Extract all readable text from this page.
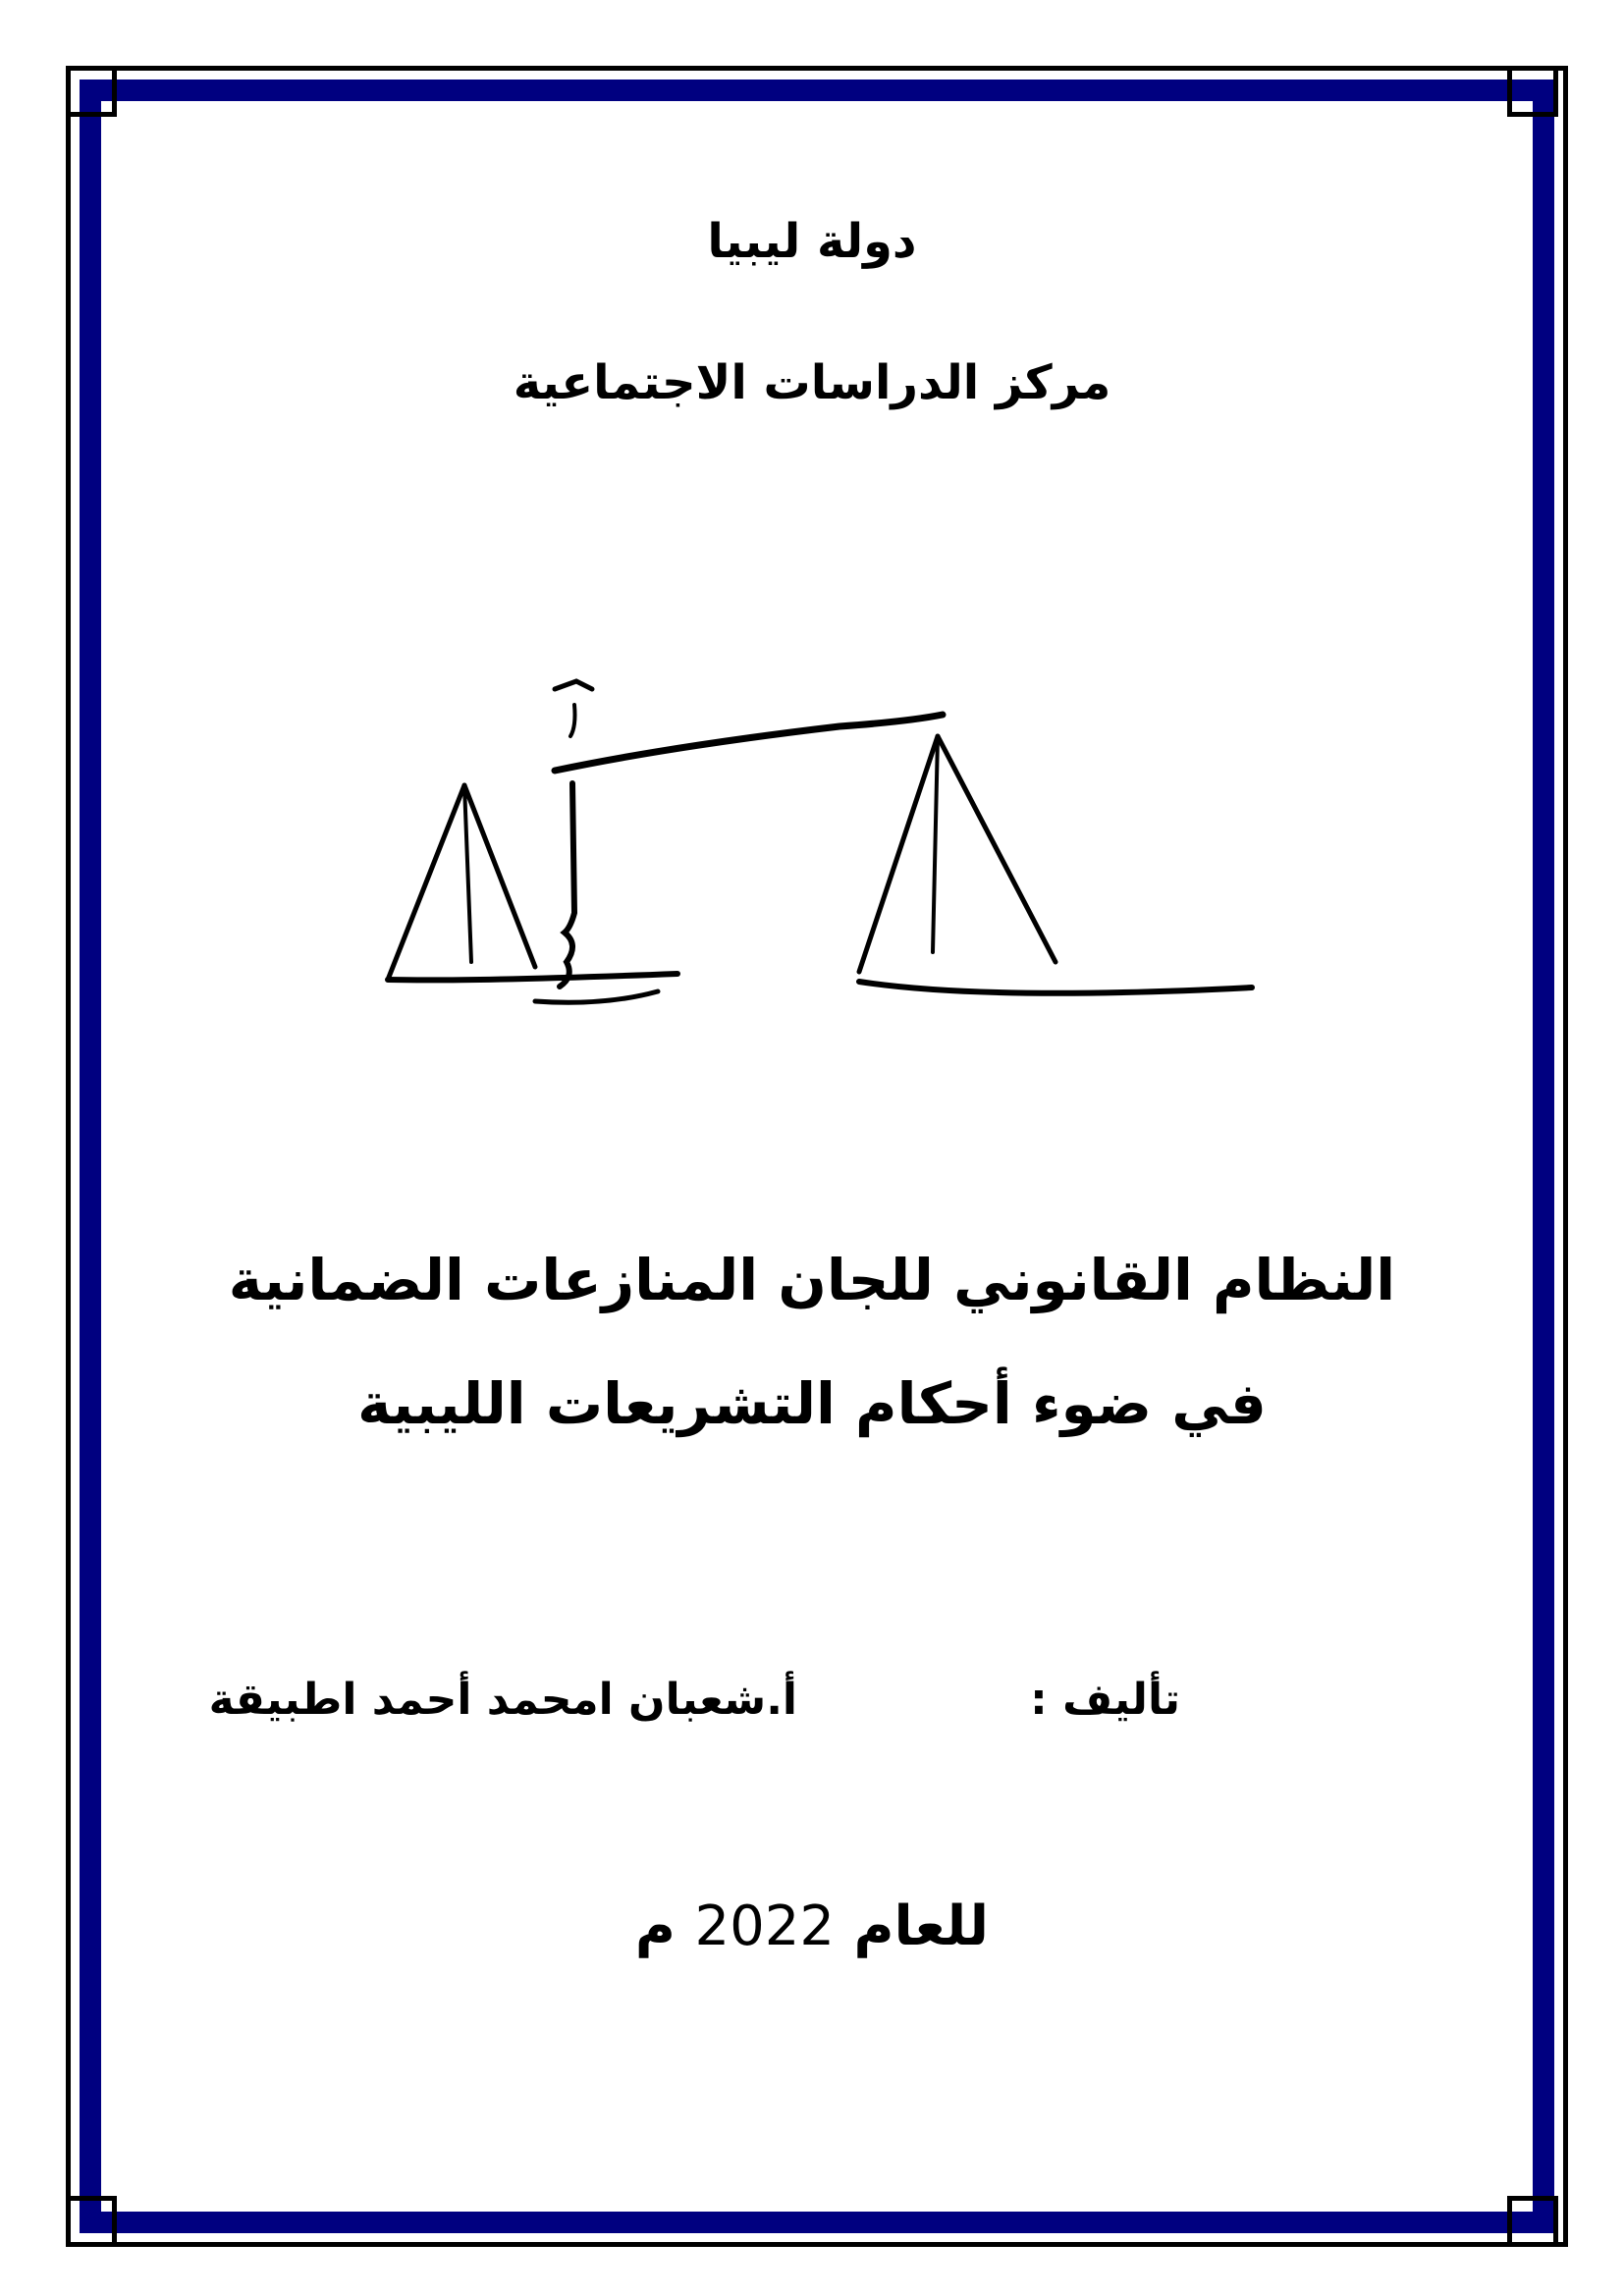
دولة ليبيا
مركز الدراسات الاجتماعية
النظام القانوني للجان المنازعات الضمانية
في ضوء أحكام التشريعات الليبية
تأليف :
أ.شعبان امحمد أحمد اطبيقة
للعام 2022 م
